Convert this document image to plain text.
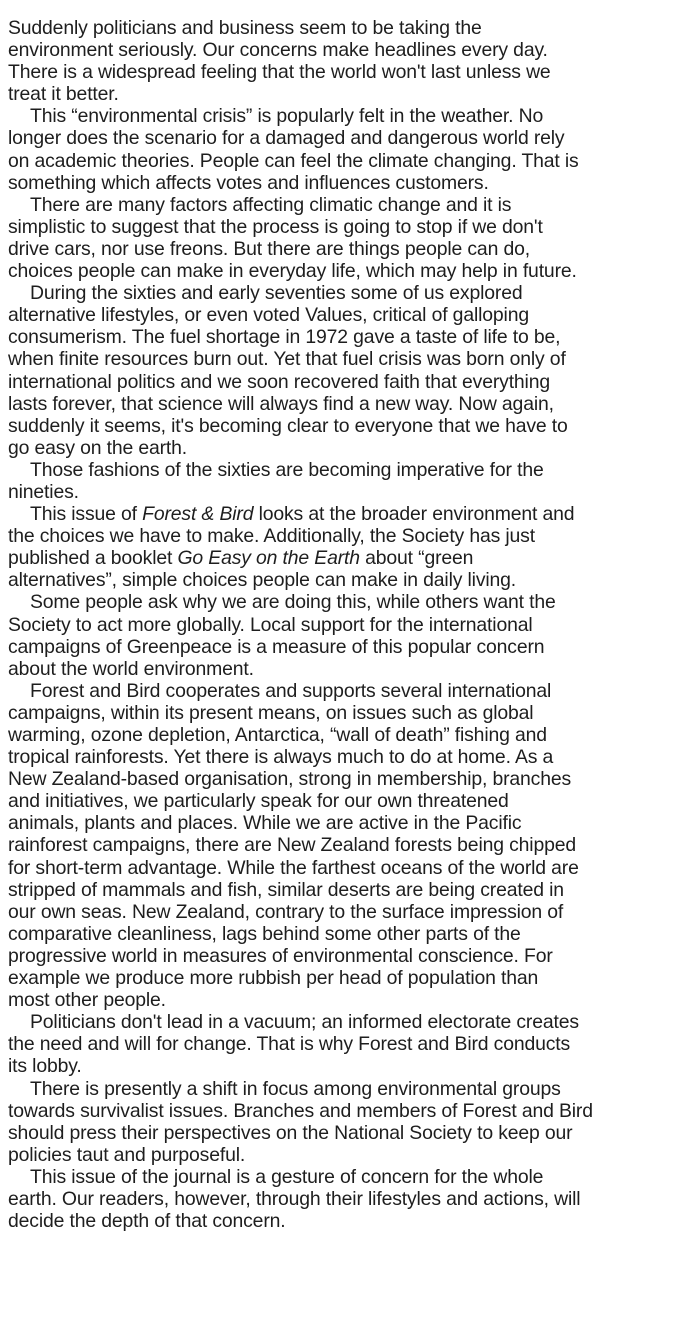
Suddenly politicians and business seem to be taking the
environment seriously. Our concerns make headlines every day.
There is a widespread feeling that the world won't last unless we
treat it better.

This “environmental crisis” is popularly felt in the weather. No
longer does the scenario for a damaged and dangerous world rely
on academic theories. People can feel the climate changing. That is
something which affects votes and influences customers.

There are many factors affecting climatic change and it is
simplistic to suggest that the process is going to stop if we don't
drive cars, nor use freons. But there are things people can do,
choices people can make in everyday life, which may help in future.

During the sixties and early seventies some of us explored
alternative lifestyles, or even voted Values, critical of galloping
consumerism. The fuel shortage in 1972 gave a taste of life to be,
when finite resources burn out. Yet that fuel crisis was born only of
international politics and we soon recovered faith that everything
lasts forever, that science will always find a new way. Now again,
suddenly it seems, it's becoming clear to everyone that we have to
go easy on the earth.

Those fashions of the sixties are becoming imperative for the
nineties.

This issue of Forest & Bird looks at the broader environment and
the choices we have to make. Additionally, the Society has just
published a booklet Go Easy on the Earth about “green
alternatives”, simple choices people can make in daily living.

Some people ask why we are doing this, while others want the
Society to act more globally. Local support for the international
campaigns of Greenpeace is a measure of this popular concern
about the world environment.

Forest and Bird cooperates and supports several international
campaigns, within its present means, on issues such as global
warming, ozone depletion, Antarctica, “wall of death” fishing and
tropical rainforests. Yet there is always much to do at home. As a
New Zealand-based organisation, strong in membership, branches
and initiatives, we particularly speak for our own threatened
animals, plants and places. While we are active in the Pacific
rainforest campaigns, there are New Zealand forests being chipped
for short-term advantage. While the farthest oceans of the world are
stripped of mammals and fish, similar deserts are being created in
our own seas. New Zealand, contrary to the surface impression of
comparative cleanliness, lags behind some other parts of the
progressive world in measures of environmental conscience. For
example we produce more rubbish per head of population than
most other people.

Politicians don't lead in a vacuum; an informed electorate creates
the need and will for change. That is why Forest and Bird conducts
its lobby.

There is presently a shift in focus among environmental groups
towards survivalist issues. Branches and members of Forest and Bird
should press their perspectives on the National Society to keep our
policies taut and purposeful.

This issue of the journal is a gesture of concern for the whole
earth. Our readers, however, through their lifestyles and actions, will
decide the depth of that concern.
